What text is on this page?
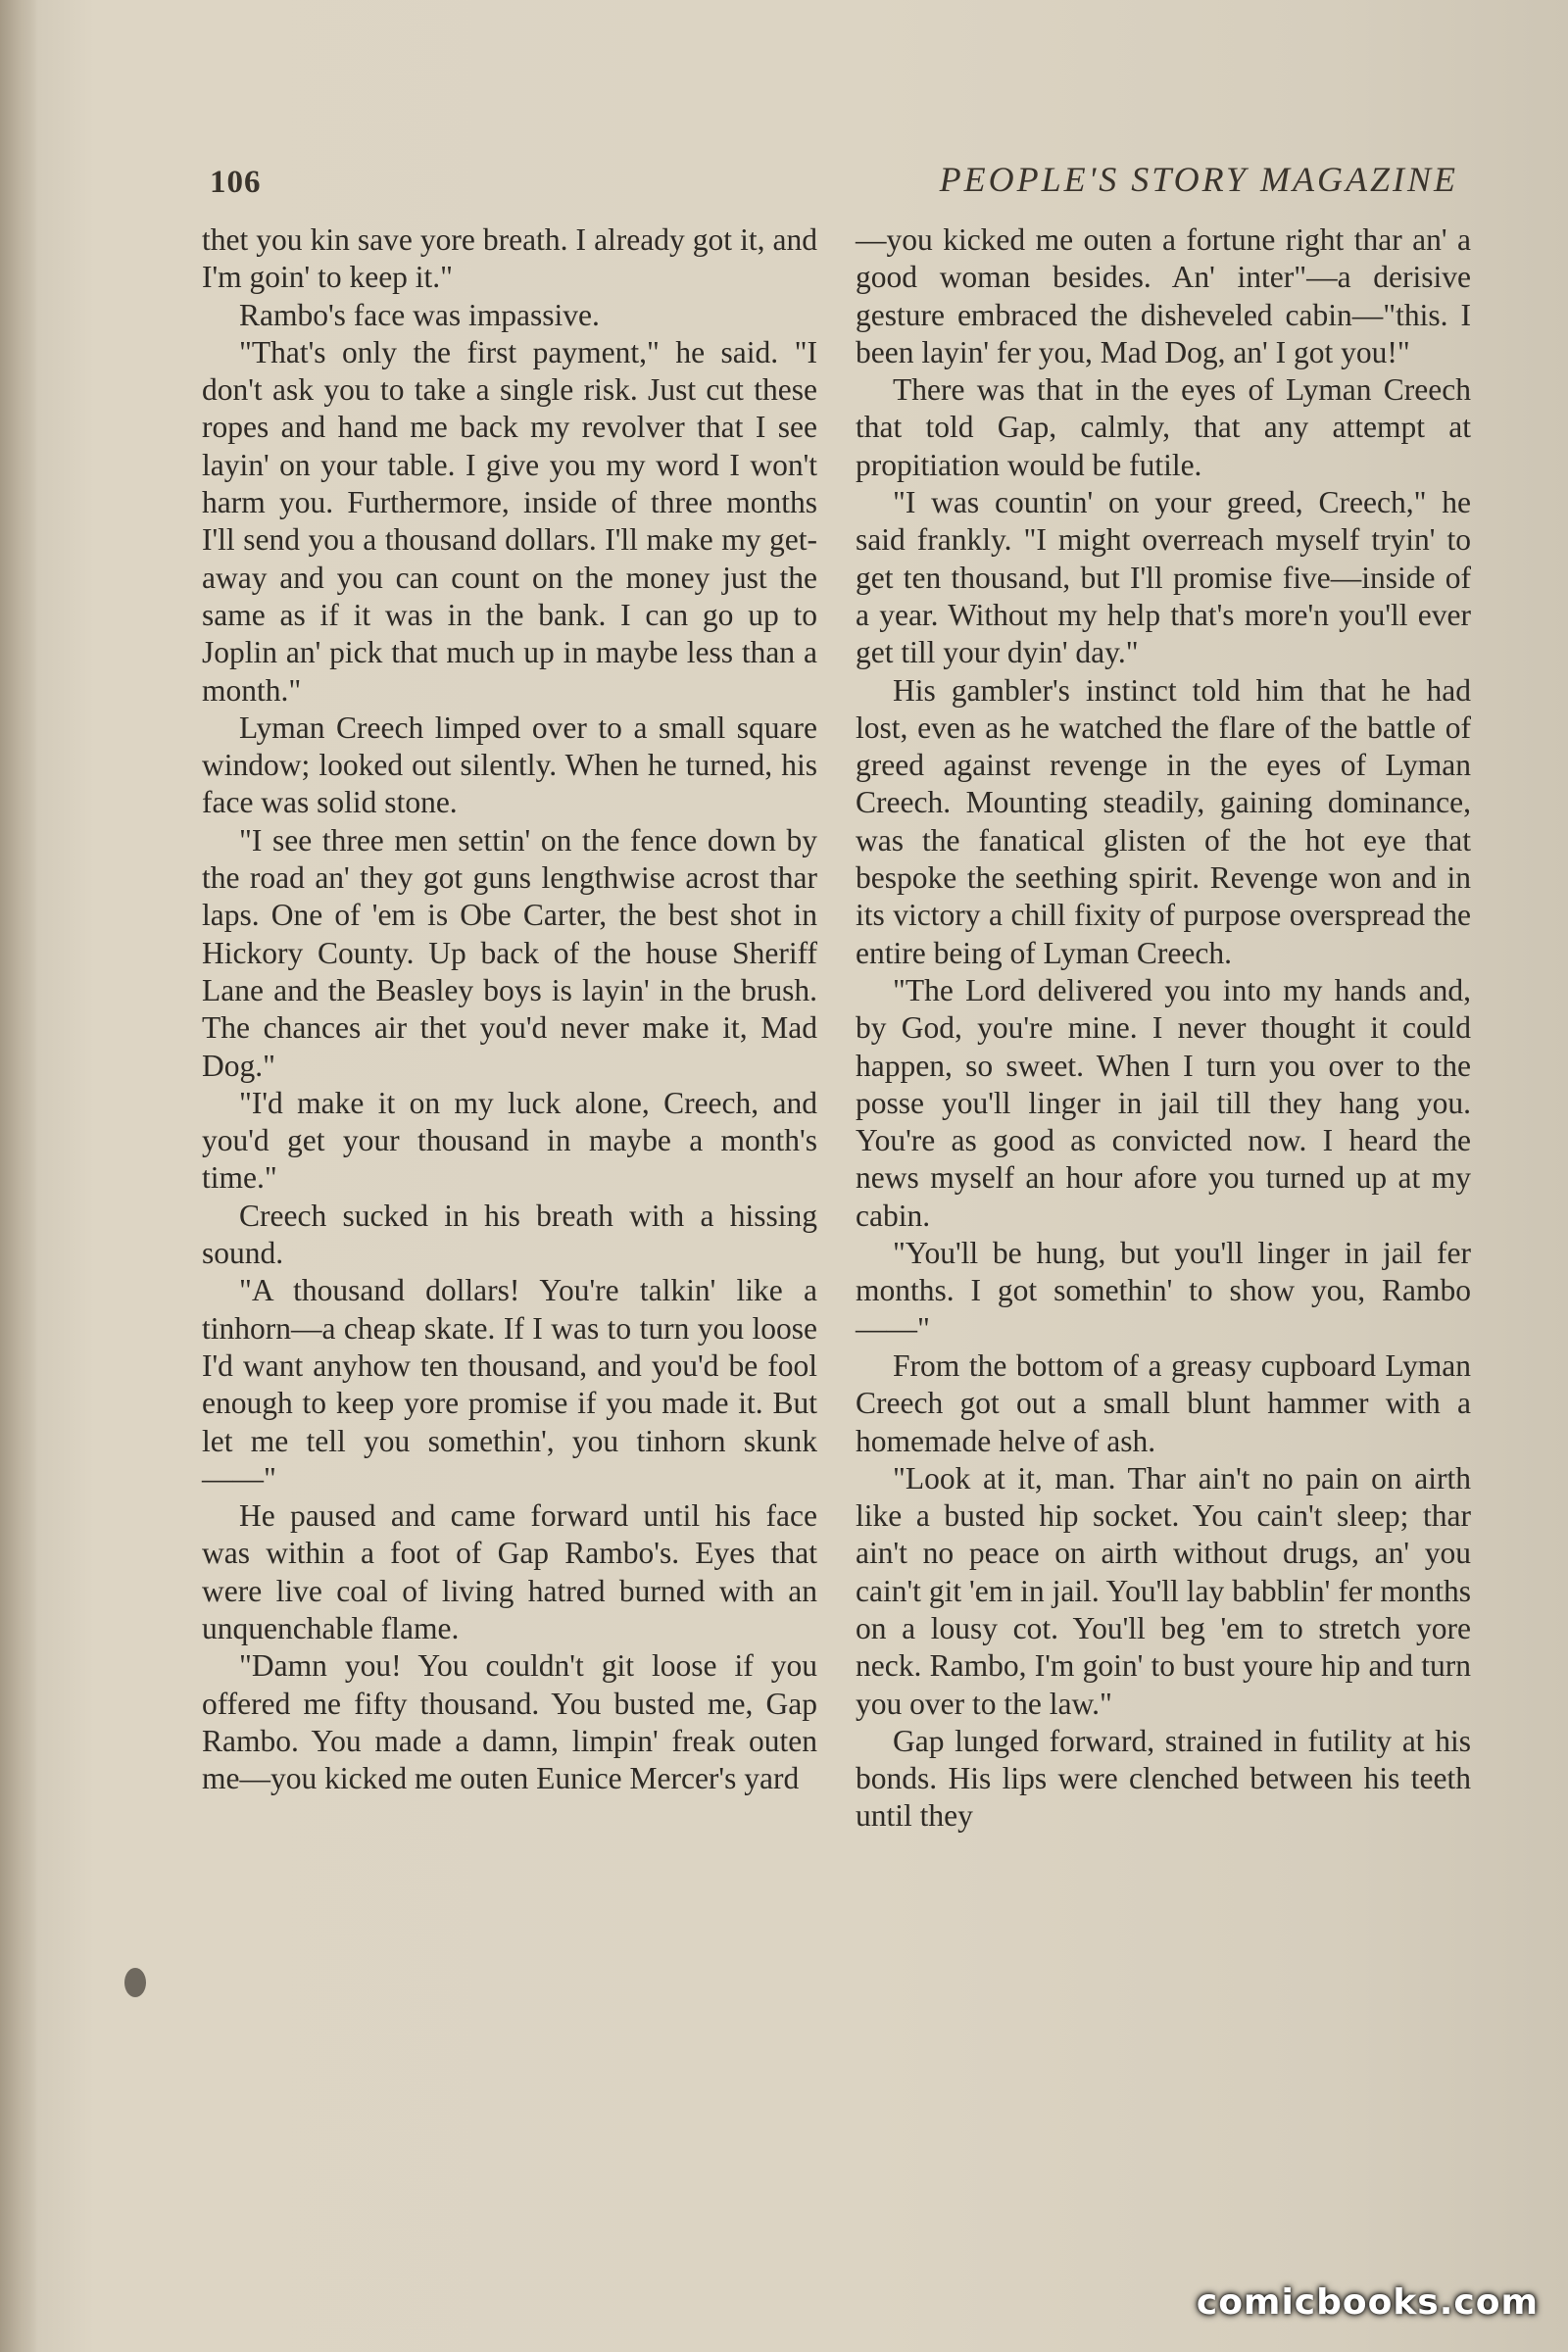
106	PEOPLE'S STORY MAGAZINE

thet you kin save yore breath. I already got it, and I'm goin' to keep it."

Rambo's face was impassive.

"That's only the first payment," he said. "I don't ask you to take a single risk. Just cut these ropes and hand me back my revolver that I see layin' on your table. I give you my word I won't harm you. Furthermore, inside of three months I'll send you a thousand dollars. I'll make my get-away and you can count on the money just the same as if it was in the bank. I can go up to Joplin an' pick that much up in maybe less than a month."

Lyman Creech limped over to a small square window; looked out silently. When he turned, his face was solid stone.

"I see three men settin' on the fence down by the road an' they got guns lengthwise acrost thar laps. One of 'em is Obe Carter, the best shot in Hickory County. Up back of the house Sheriff Lane and the Beasley boys is layin' in the brush. The chances air thet you'd never make it, Mad Dog."

"I'd make it on my luck alone, Creech, and you'd get your thousand in maybe a month's time."

Creech sucked in his breath with a hissing sound.

"A thousand dollars! You're talkin' like a tinhorn—a cheap skate. If I was to turn you loose I'd want anyhow ten thousand, and you'd be fool enough to keep yore promise if you made it. But let me tell you somethin', you tinhorn skunk——"

He paused and came forward until his face was within a foot of Gap Rambo's. Eyes that were live coal of living hatred burned with an unquenchable flame.

"Damn you! You couldn't git loose if you offered me fifty thousand. You busted me, Gap Rambo. You made a damn, limpin' freak outen me—you kicked me outen Eunice Mercer's yard

—you kicked me outen a fortune right thar an' a good woman besides. An' inter"—a derisive gesture embraced the disheveled cabin—"this. I been layin' fer you, Mad Dog, an' I got you!"

There was that in the eyes of Lyman Creech that told Gap, calmly, that any attempt at propitiation would be futile.

"I was countin' on your greed, Creech," he said frankly. "I might overreach myself tryin' to get ten thousand, but I'll promise five—inside of a year. Without my help that's more'n you'll ever get till your dyin' day."

His gambler's instinct told him that he had lost, even as he watched the flare of the battle of greed against revenge in the eyes of Lyman Creech. Mounting steadily, gaining dominance, was the fanatical glisten of the hot eye that bespoke the seething spirit. Revenge won and in its victory a chill fixity of purpose overspread the entire being of Lyman Creech.

"The Lord delivered you into my hands and, by God, you're mine. I never thought it could happen, so sweet. When I turn you over to the posse you'll linger in jail till they hang you. You're as good as convicted now. I heard the news myself an hour afore you turned up at my cabin.

"You'll be hung, but you'll linger in jail fer months. I got somethin' to show you, Rambo——"

From the bottom of a greasy cupboard Lyman Creech got out a small blunt hammer with a homemade helve of ash.

"Look at it, man. Thar ain't no pain on airth like a busted hip socket. You cain't sleep; thar ain't no peace on airth without drugs, an' you cain't git 'em in jail. You'll lay babblin' fer months on a lousy cot. You'll beg 'em to stretch yore neck. Rambo, I'm goin' to bust youre hip and turn you over to the law."

Gap lunged forward, strained in futility at his bonds. His lips were clenched between his teeth until they

comicbooks.com
